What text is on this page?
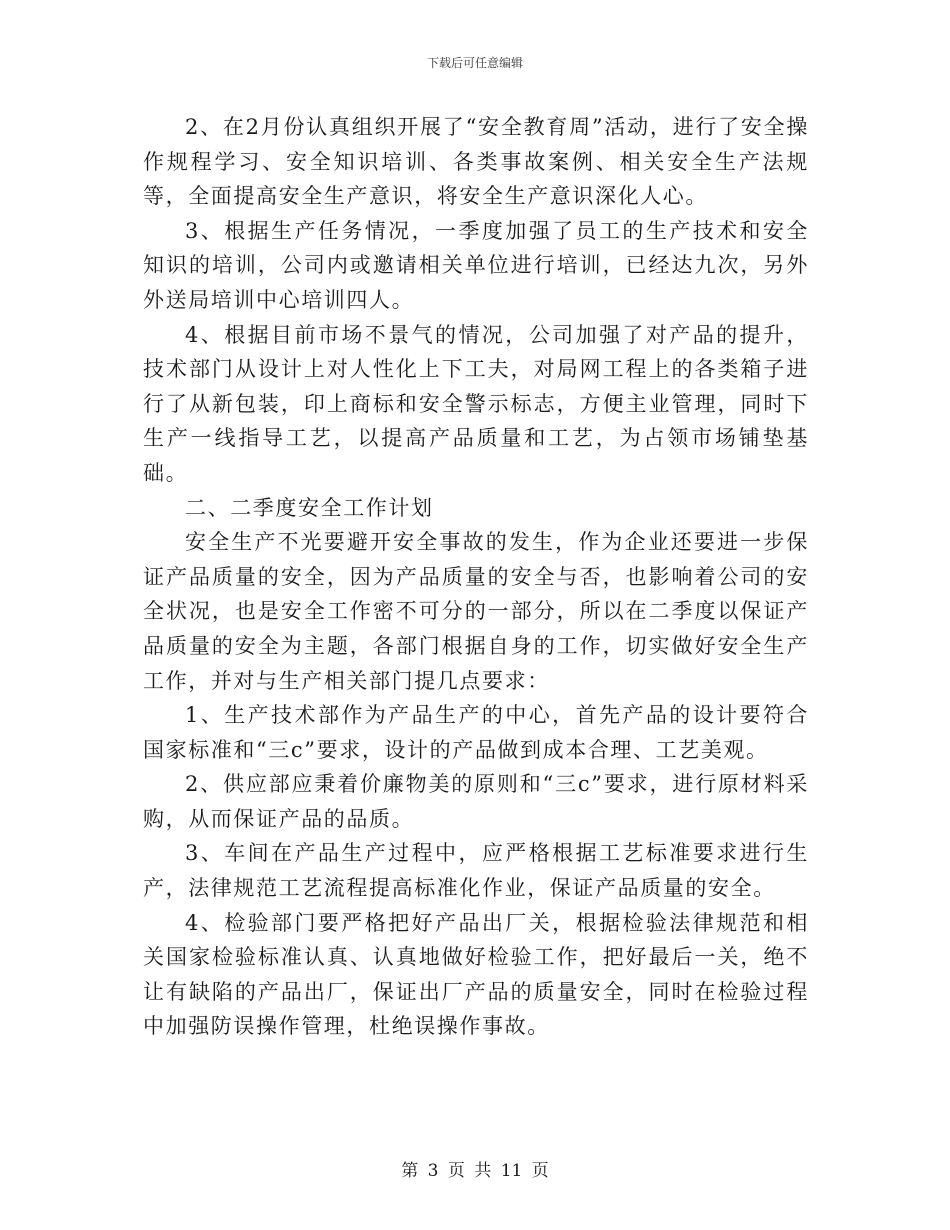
下载后可任意编辑

2、在2月份认真组织开展了“安全教育周”活动，进行了安全操作规程学习、安全知识培训、各类事故案例、相关安全生产法规等，全面提高安全生产意识，将安全生产意识深化人心。

3、根据生产任务情况，一季度加强了员工的生产技术和安全知识的培训，公司内或邀请相关单位进行培训，已经达九次，另外外送局培训中心培训四人。

4、根据目前市场不景气的情况，公司加强了对产品的提升，技术部门从设计上对人性化上下工夫，对局网工程上的各类箱子进行了从新包装，印上商标和安全警示标志，方便主业管理，同时下生产一线指导工艺，以提高产品质量和工艺，为占领市场铺垫基础。

二、二季度安全工作计划

安全生产不光要避开安全事故的发生，作为企业还要进一步保证产品质量的安全，因为产品质量的安全与否，也影响着公司的安全状况，也是安全工作密不可分的一部分，所以在二季度以保证产品质量的安全为主题，各部门根据自身的工作，切实做好安全生产工作，并对与生产相关部门提几点要求：

1、生产技术部作为产品生产的中心，首先产品的设计要符合国家标准和“三c”要求，设计的产品做到成本合理、工艺美观。

2、供应部应秉着价廉物美的原则和“三c”要求，进行原材料采购，从而保证产品的品质。

3、车间在产品生产过程中，应严格根据工艺标准要求进行生产，法律规范工艺流程提高标准化作业，保证产品质量的安全。

4、检验部门要严格把好产品出厂关，根据检验法律规范和相关国家检验标准认真、认真地做好检验工作，把好最后一关，绝不让有缺陷的产品出厂，保证出厂产品的质量安全，同时在检验过程中加强防误操作管理，杜绝误操作事故。

第 3 页 共 11 页
